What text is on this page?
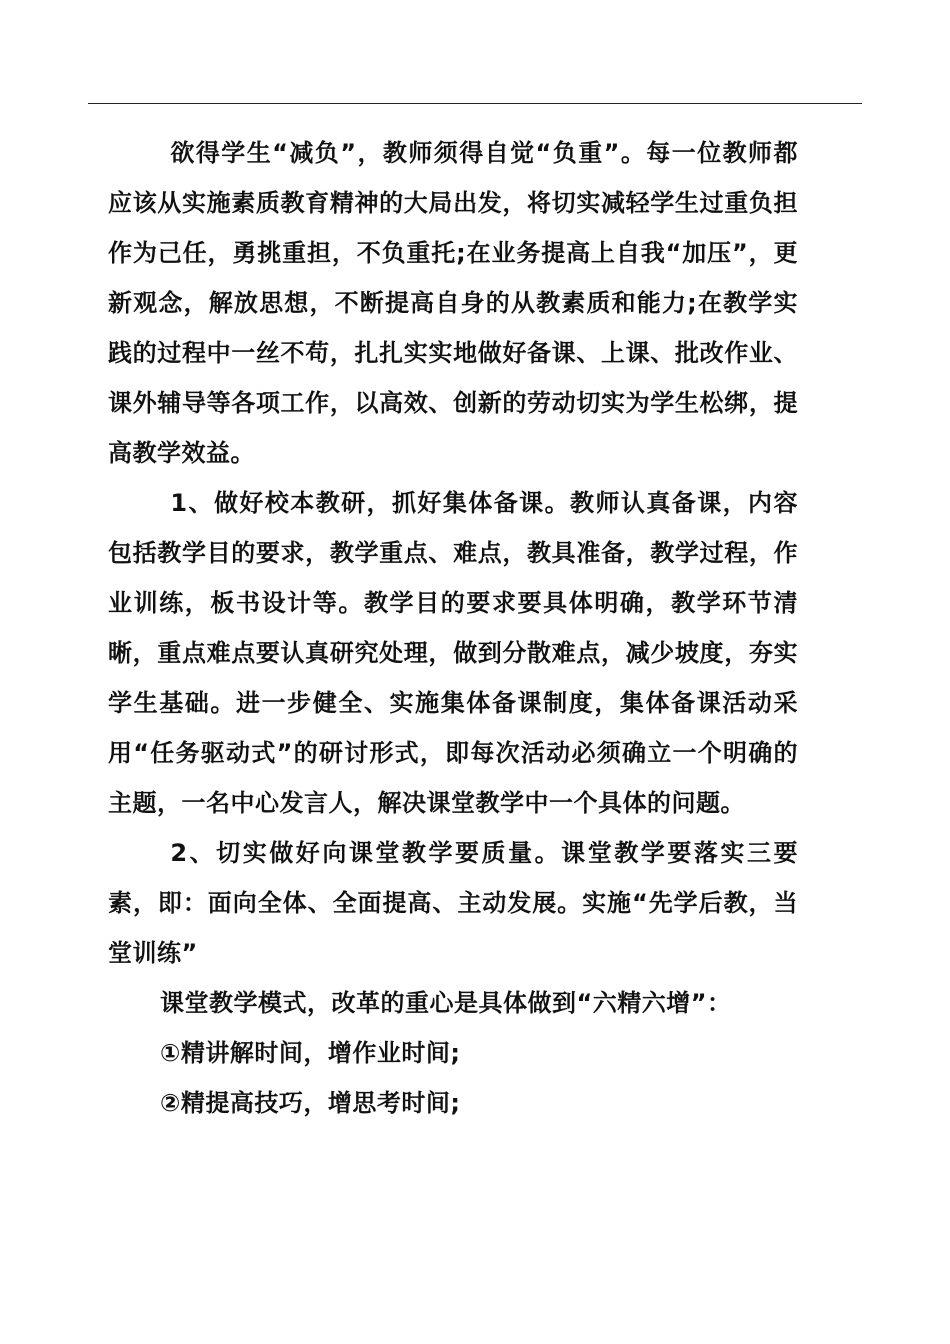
欲得学生“减负”，教师须得自觉“负重”。每一位教师都应该从实施素质教育精神的大局出发，将切实减轻学生过重负担作为己任，勇挑重担，不负重托;在业务提高上自我“加压”，更新观念，解放思想，不断提高自身的从教素质和能力;在教学实践的过程中一丝不苟，扎扎实实地做好备课、上课、批改作业、课外辅导等各项工作，以高效、创新的劳动切实为学生松绑，提高教学效益。

1、做好校本教研，抓好集体备课。教师认真备课，内容包括教学目的要求，教学重点、难点，教具准备，教学过程，作业训练，板书设计等。教学目的要求要具体明确，教学环节清晰，重点难点要认真研究处理，做到分散难点，减少坡度，夯实学生基础。进一步健全、实施集体备课制度，集体备课活动采用“任务驱动式”的研讨形式，即每次活动必须确立一个明确的主题，一名中心发言人，解决课堂教学中一个具体的问题。

2、切实做好向课堂教学要质量。课堂教学要落实三要素，即：面向全体、全面提高、主动发展。实施“先学后教，当堂训练”

课堂教学模式，改革的重心是具体做到“六精六增”：

①精讲解时间，增作业时间;

②精提高技巧，增思考时间;
